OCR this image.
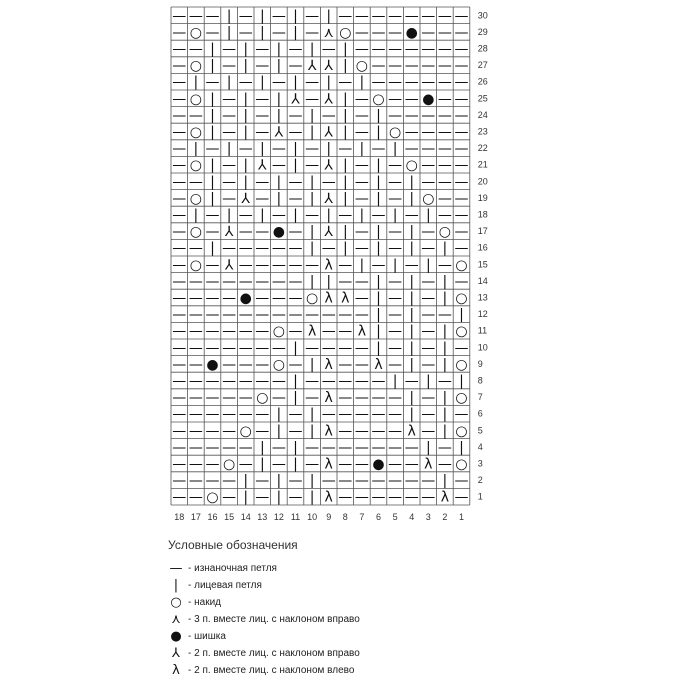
— — — | — | — | — | — — — — — — — —
— ○ — | — | — | — ⋏ ○ — — — ● — — —
— — | — | — | — | — | — — — — — — —
— ○ | — | — | — ⅄ ⅄ | ○ — — — — — —
— | — | — | — | — | — | — — — — — —
— ○ | — | — | ⅄ — ⅄ | — ○ — — ● — —
— — | — | — | — | — | — | — — — — —
— ○ | — | — ⅄ — | ⅄ | — | ○ — — — —
— | — | — | — | — | — | — | — — — —
— ○ | — | ⅄ — | — ⅄ | — | — ○ — — —
— — | — | — | — | — | — | — | — — —
— ○ | — ⅄ — | — | ⅄ | — | — | ○ — —
— | — | — | — | — | — | — | — | — —
— ○ — ⅄ — — ● — | ⅄ | — | — | — ○ —
— — | — — — — — | — | — | — | — | —
— ○ — ⅄ — — — — — λ — | — | — | — ○
— — — — — — — — | | — — | — | — | —
— — — — ● — — — ○ λ λ — | — | — | ○
— — — — — — — — — — — — | — | — — |
— — — — — — ○ — λ — — λ | — | — | ○
— — — — — — — | — — — — | — | — | —
— — ● — — — ○ — | λ — — λ — | — | ○
— — — — — — — | — — — — — | — | — |
— — — — — ○ — | — λ — — — — | — | ○
— — — — — — | — | — — — — — | — | —
— — — — ○ — | — | λ — — — — λ — | ○
— — — — — | — | — — — — — — — | — |
— — — ○ — | — | — λ — — ● — — λ — ○
— — — — | — | — | — — — — — — — | —
— — ○ — | — | — | λ — — — — — — λ —
30
29
28
27
26
25
24
23
22
21
20
19
18
17
16
15
14
13
12
11
10
9
8
7
6
5
4
3
2
1
18 17 16 15 14 13 12 11 10 9 8 7 6 5 4 3 2 1
Условные обозначения
— - изнаночная петля
| - лицевая петля
○ - накид
⋏ - 3 п. вместе лиц. с наклоном вправо
● - шишка
⅄ - 2 п. вместе лиц. с наклоном вправо
λ - 2 п. вместе лиц. с наклоном влево
